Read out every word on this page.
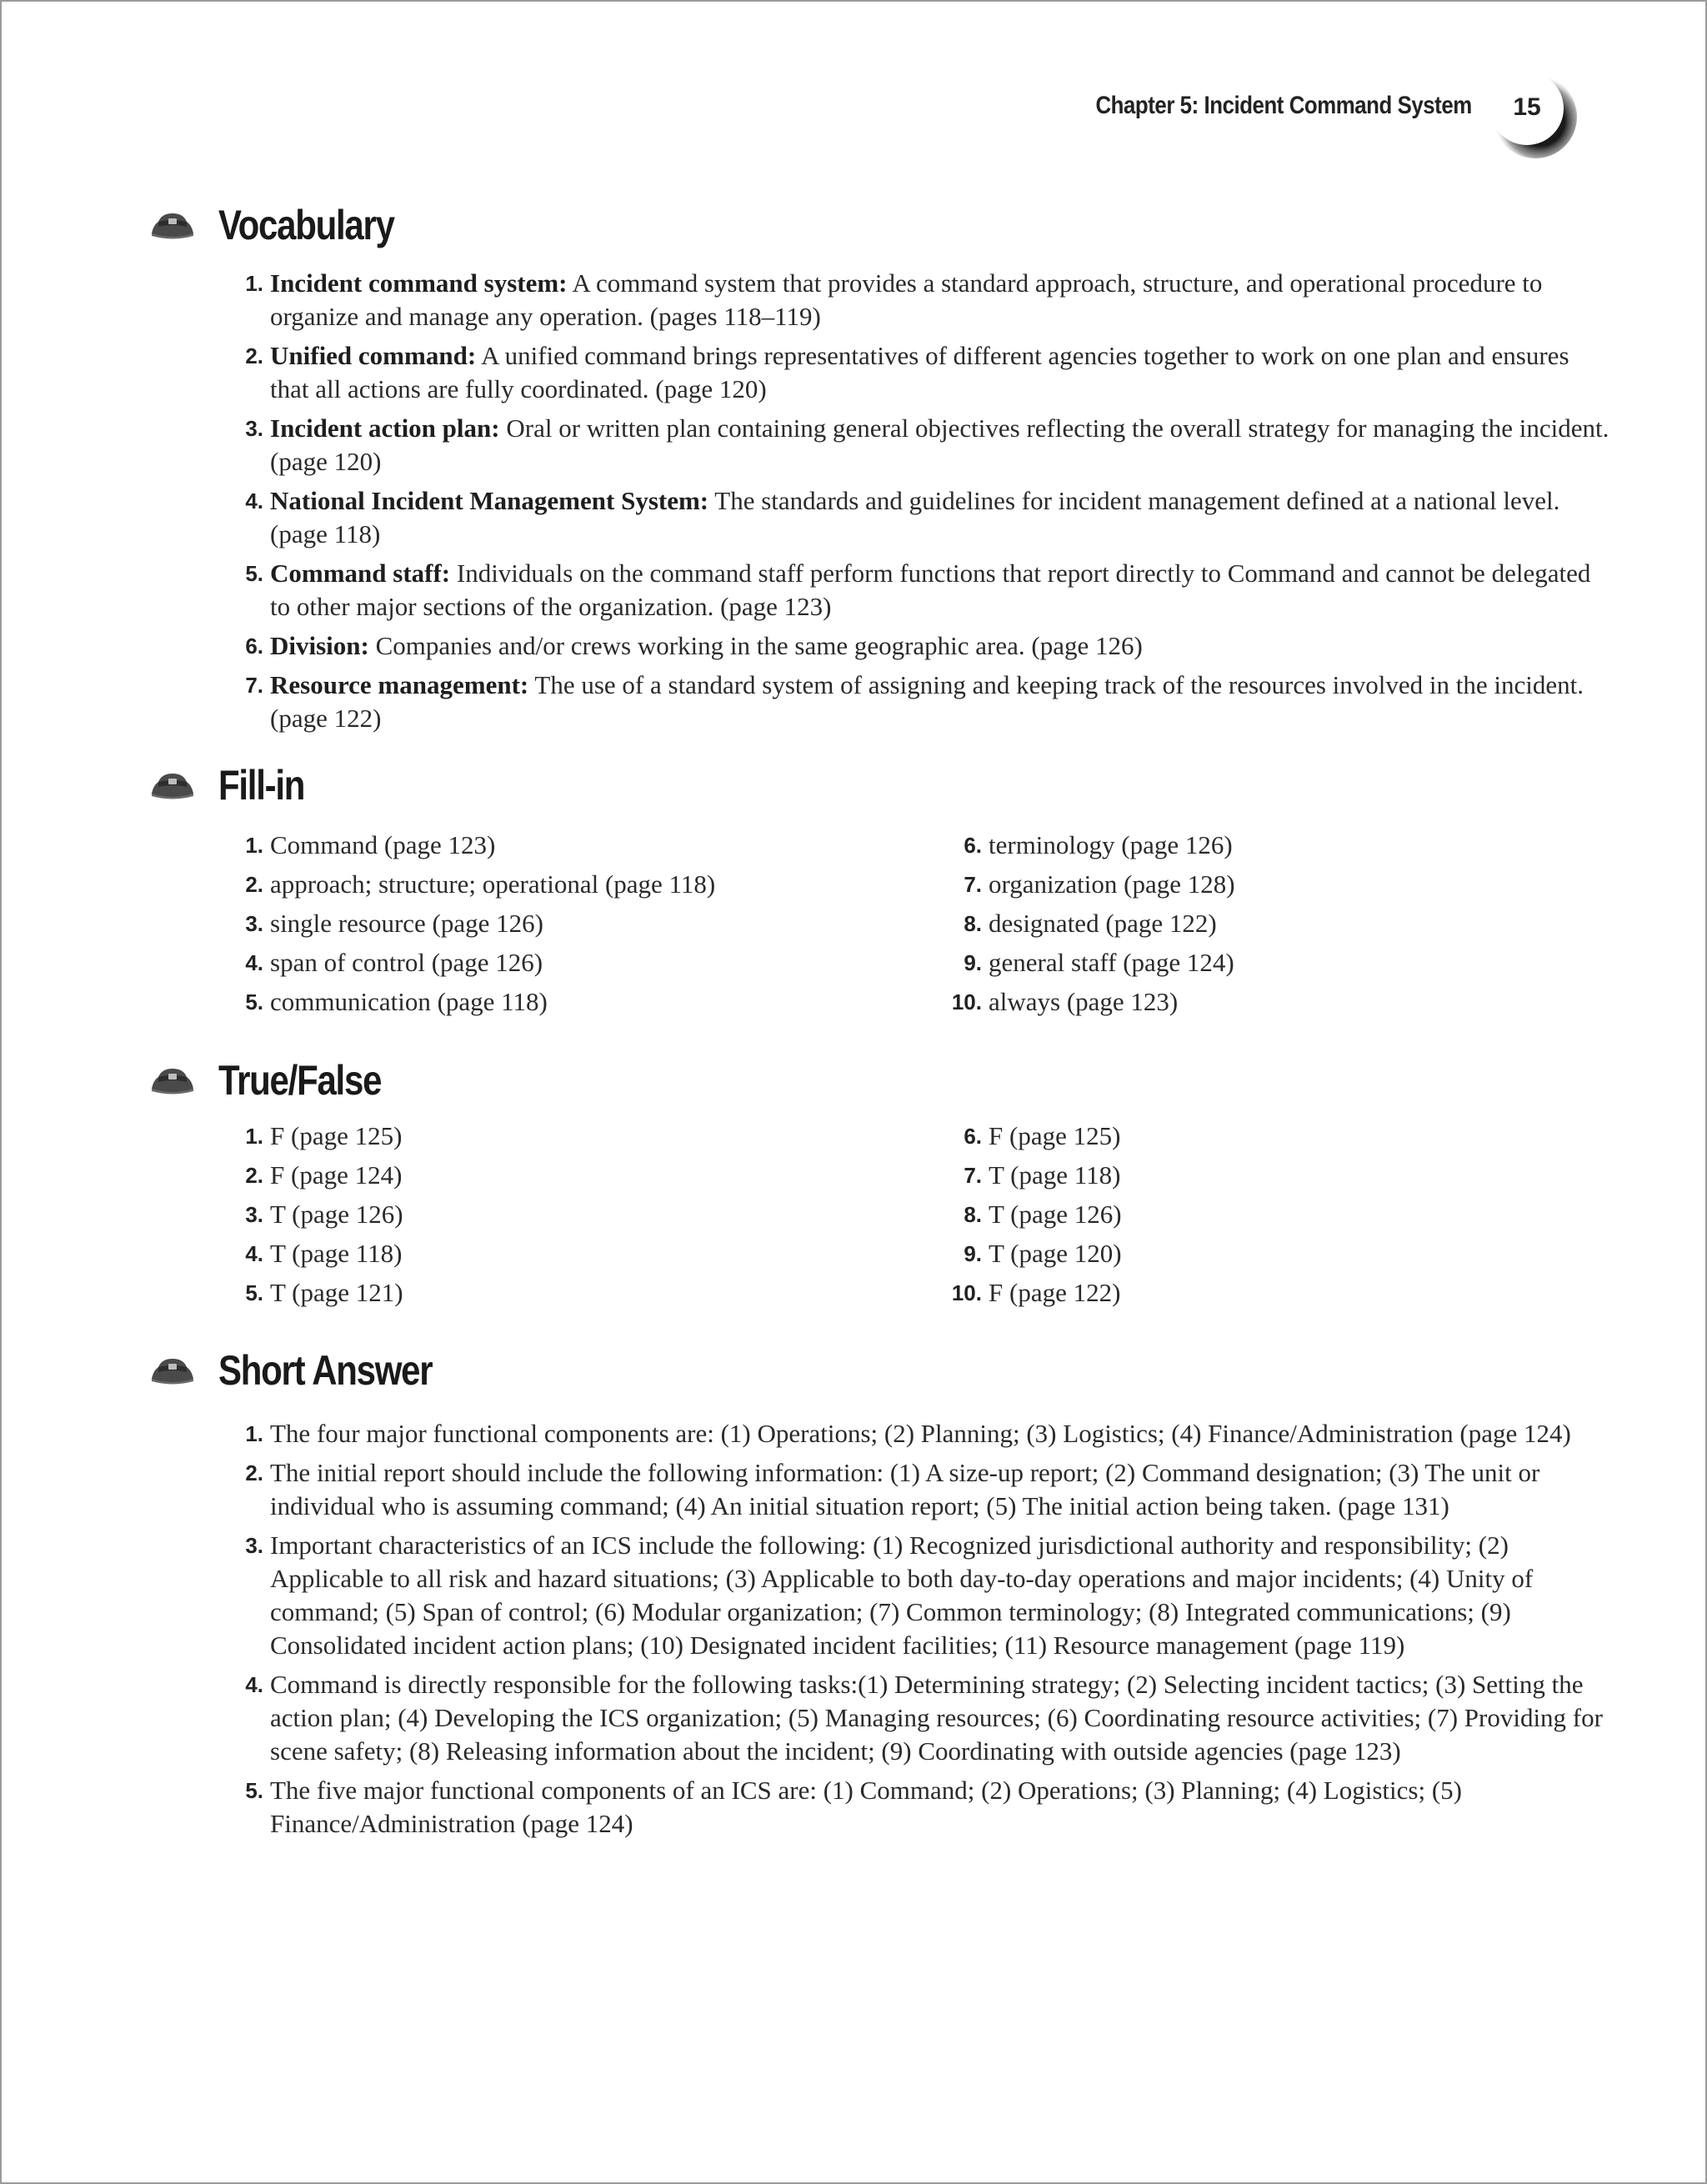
Chapter 5: Incident Command System	15
Vocabulary
1. Incident command system: A command system that provides a standard approach, structure, and operational procedure to organize and manage any operation. (pages 118–119)
2. Unified command: A unified command brings representatives of different agencies together to work on one plan and ensures that all actions are fully coordinated. (page 120)
3. Incident action plan: Oral or written plan containing general objectives reflecting the overall strategy for managing the incident. (page 120)
4. National Incident Management System: The standards and guidelines for incident management defined at a national level. (page 118)
5. Command staff: Individuals on the command staff perform functions that report directly to Command and cannot be delegated to other major sections of the organization. (page 123)
6. Division: Companies and/or crews working in the same geographic area. (page 126)
7. Resource management: The use of a standard system of assigning and keeping track of the resources involved in the incident. (page 122)
Fill-in
1. Command (page 123)
2. approach; structure; operational (page 118)
3. single resource (page 126)
4. span of control (page 126)
5. communication (page 118)
6. terminology (page 126)
7. organization (page 128)
8. designated (page 122)
9. general staff (page 124)
10. always (page 123)
True/False
1. F (page 125)
2. F (page 124)
3. T (page 126)
4. T (page 118)
5. T (page 121)
6. F (page 125)
7. T (page 118)
8. T (page 126)
9. T (page 120)
10. F (page 122)
Short Answer
1. The four major functional components are: (1) Operations; (2) Planning; (3) Logistics; (4) Finance/Administration (page 124)
2. The initial report should include the following information: (1) A size-up report; (2) Command designation; (3) The unit or individual who is assuming command; (4) An initial situation report; (5) The initial action being taken. (page 131)
3. Important characteristics of an ICS include the following: (1) Recognized jurisdictional authority and responsibility; (2) Applicable to all risk and hazard situations; (3) Applicable to both day-to-day operations and major incidents; (4) Unity of command; (5) Span of control; (6) Modular organization; (7) Common terminology; (8) Integrated communications; (9) Consolidated incident action plans; (10) Designated incident facilities; (11) Resource management (page 119)
4. Command is directly responsible for the following tasks:(1) Determining strategy; (2) Selecting incident tactics; (3) Setting the action plan; (4) Developing the ICS organization; (5) Managing resources; (6) Coordinating resource activities; (7) Providing for scene safety; (8) Releasing information about the incident; (9) Coordinating with outside agencies (page 123)
5. The five major functional components of an ICS are: (1) Command; (2) Operations; (3) Planning; (4) Logistics; (5) Finance/Administration (page 124)
